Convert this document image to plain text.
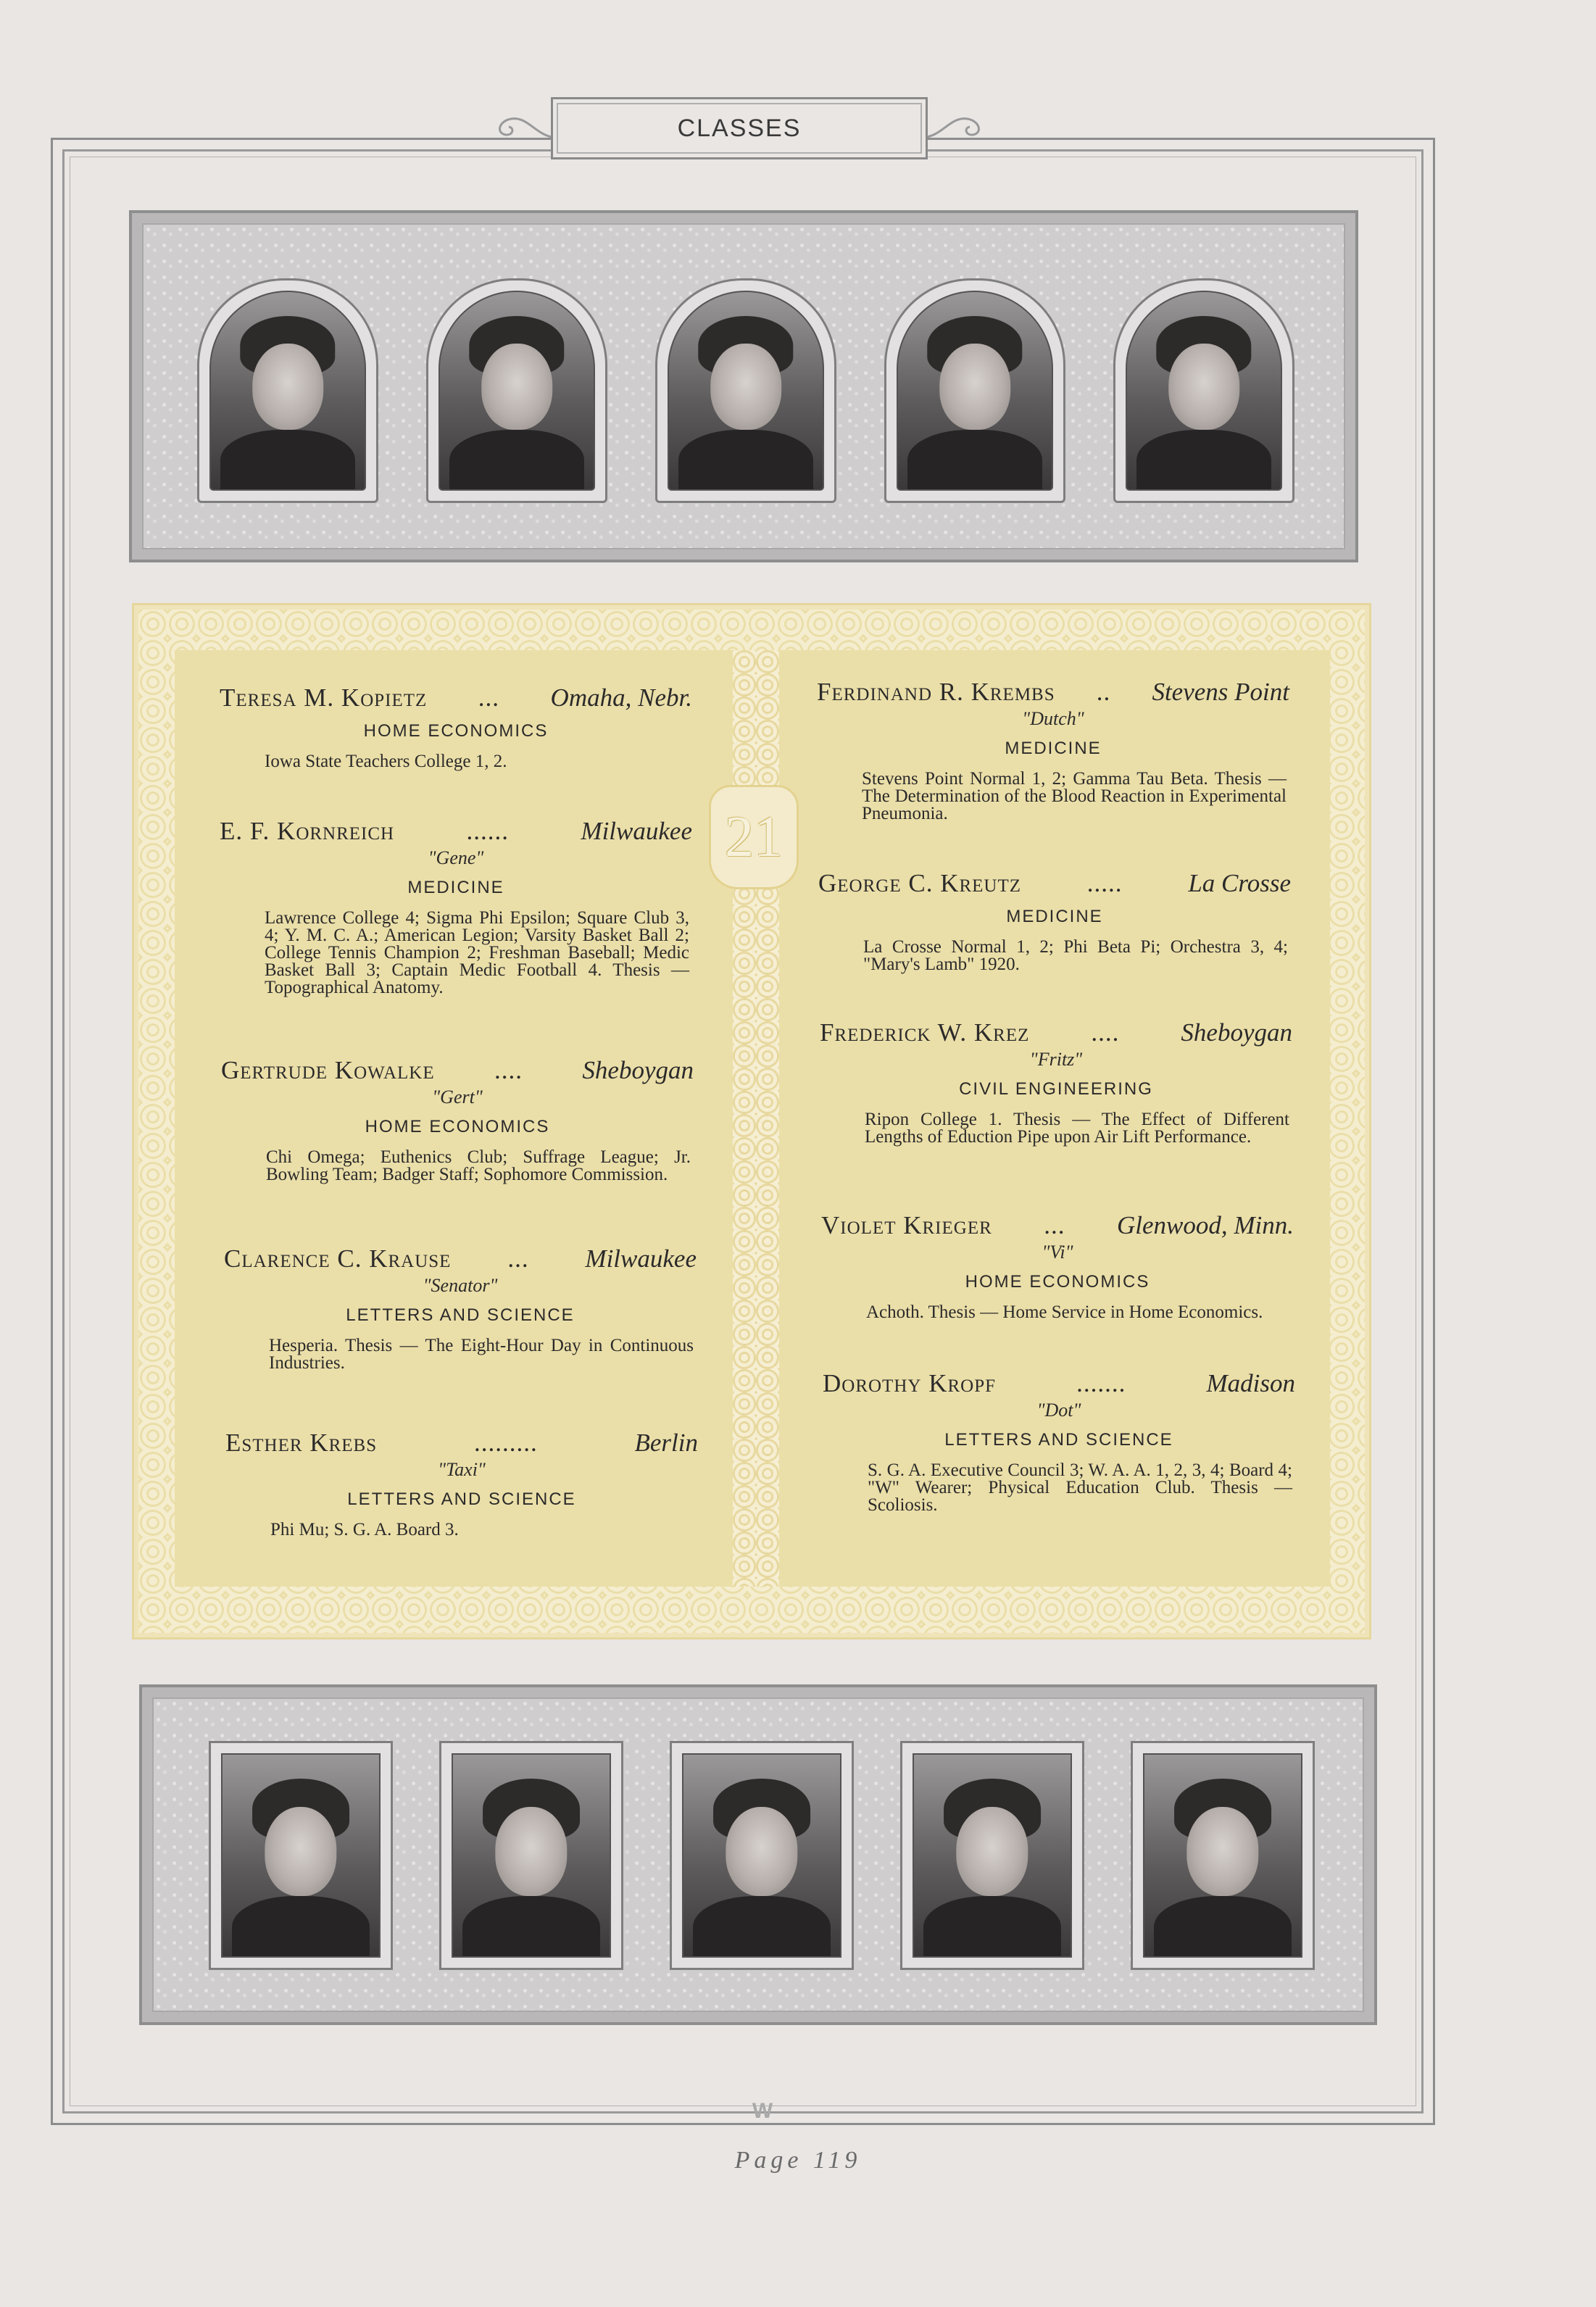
CLASSES
21
Teresa M. Kopietz ... Omaha, Nebr.
HOME ECONOMICS
Iowa State Teachers College 1, 2.
E. F. Kornreich	......	Milwaukee
"Gene"
MEDICINE
Lawrence College 4; Sigma Phi Epsilon; Square Club 3, 4; Y. M. C. A.; American Legion; Varsity Basket Ball 2; College Tennis Champion 2; Freshman Baseball; Medic Basket Ball 3; Captain Medic Football 4. Thesis — Topographical Anatomy.
Gertrude Kowalke .... Sheboygan
"Gert"
HOME ECONOMICS
Chi Omega; Euthenics Club; Suffrage League; Jr. Bowling Team; Badger Staff; Sophomore Commission.
Clarence C. Krause ... Milwaukee
"Senator"
LETTERS AND SCIENCE
Hesperia. Thesis — The Eight-Hour Day in Continuous Industries.
Esther Krebs	.........	Berlin
"Taxi"
LETTERS AND SCIENCE
Phi Mu; S. G. A. Board 3.
Ferdinand R. Krembs .. Stevens Point
"Dutch"
MEDICINE
Stevens Point Normal 1, 2; Gamma Tau Beta. Thesis — The Determination of the Blood Reaction in Experimental Pneumonia.
George C. Kreutz	.....	La Crosse
MEDICINE
La Crosse Normal 1, 2; Phi Beta Pi; Orchestra 3, 4; "Mary's Lamb" 1920.
Frederick W. Krez .... Sheboygan
"Fritz"
CIVIL ENGINEERING
Ripon College 1. Thesis — The Effect of Different Lengths of Eduction Pipe upon Air Lift Performance.
Violet Krieger ... Glenwood, Minn.
"Vi"
HOME ECONOMICS
Achoth. Thesis — Home Service in Home Economics.
Dorothy Kropf	.......	Madison
"Dot"
LETTERS AND SCIENCE
S. G. A. Executive Council 3; W. A. A. 1, 2, 3, 4; Board 4; "W" Wearer; Physical Education Club. Thesis — Scoliosis.
W
Page 119
